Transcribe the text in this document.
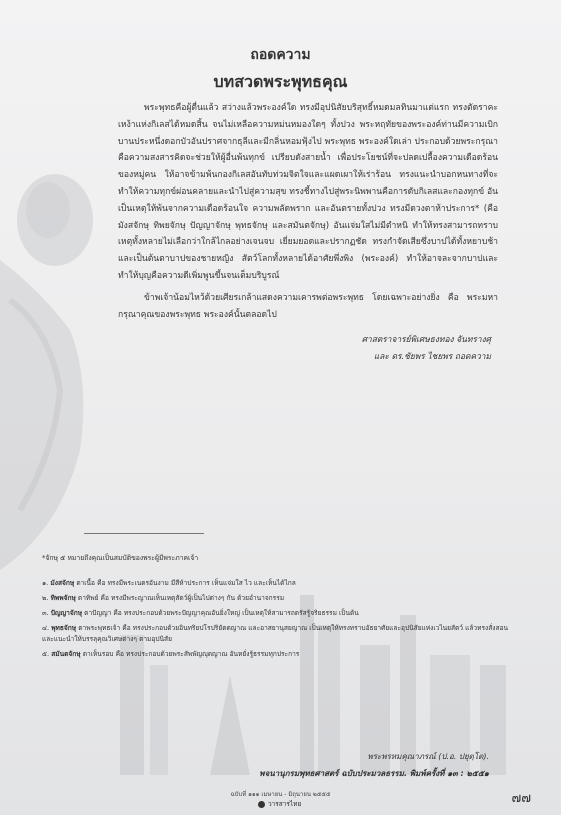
ถอดความ
บทสวดพระพุทธคุณ

พระพุทธคือผู้ตื่นแล้ว สว่างแล้วพระองค์ใด ทรงมีอุปนิสัยบริสุทธิ์หมดมลทินมาแต่แรก ทรงตัดราคะเหง้าแห่งกิเลสได้หมดสิ้น จนไม่เหลือความหม่นหมองใดๆ ทั้งปวง พระหฤทัยของพระองค์ท่านมีความเบิกบานประหนึ่งดอกบัวอันปราศจากธุลีและมีกลิ่นหอมฟุ้งไป พระพุทธ พระองค์ใดเล่า ประกอบด้วยพระกรุณาคือความสงสารคิดจะช่วยให้ผู้อื่นพ้นทุกข์ เปรียบดังสายน้ำ เพื่อประโยชน์ที่จะปลดเปลื้องความเดือดร้อนของหมู่คน ให้อาจข้ามพ้นกองกิเลสอันทับท่วมจิตใจและแผดเผาให้เร่าร้อน ทรงแนะนำบอกหนทางที่จะทำให้ความทุกข์ผ่อนคลายและนำไปสู่ความสุข ทรงชี้ทางไปสู่พระนิพพานคือการดับกิเลสและกองทุกข์ อันเป็นเหตุให้พ้นจากความเดือดร้อนใจ ความพลัดพราก และอันตรายทั้งปวง ทรงมีดวงตาห้าประการ* (คือ มังสจักษุ ทิพยจักษุ ปัญญาจักษุ พุทธจักษุ และสมันตจักษุ) อันแจ่มใสไม่มีตำหนิ ทำให้ทรงสามารถทราบเหตุทั้งหลายไม่เลือกว่าใกล้ไกลอย่างเจนจบ เยี่ยมยอดและปรากฏชัด ทรงกำจัดเสียซึ่งบาปได้ทั้งหยาบช้าและเป็นต้นตาบาปของชายหญิง สัตว์โลกทั้งหลายได้อาศัยพึ่งพิง (พระองค์) ทำให้อาจละจากบาปและทำให้บุญคือความดีเพิ่มพูนขึ้นจนเต็มบริบูรณ์

ข้าพเจ้าน้อมไหว้ด้วยเศียรเกล้าแสดงความเคารพต่อพระพุทธ โดยเฉพาะอย่างยิ่ง คือ พระมหากรุณาคุณของพระพุทธ พระองค์นั้นตลอดไป

ศาสตราจารย์พิเศษธงทอง จันทรางศุ
และ ดร.ชัยพร ไชยพร ถอดความ
*จักษุ ๕ หมายถึงคุณเป็นสมบัติของพระผู้มีพระภาคเจ้า
๑. มังสจักษุ ตาเนื้อ คือ ทรงมีพระเนตรอันงาม มีสีห้าประการ เห็นแจ่มใส ไว และเห็นได้ไกล
๒. ทิพพจักษุ ตาทิพย์ คือ ทรงมีพระญาณเห็นเหตุสัตว์ผู้เป็นไปต่างๆ กัน ด้วยอำนาจกรรม
๓. ปัญญาจักษุ ตาปัญญา คือ ทรงประกอบด้วยพระปัญญาคุณอันยิ่งใหญ่ เป็นเหตุให้สามารถตรัสรู้จริยธรรม เป็นต้น
๔. พุทธจักษุ ตาพระพุทธเจ้า คือ ทรงประกอบด้วยอินทริยปโรปริยัตตญาณ และอาสยานุสยญาณ เป็นเหตุให้ทรงทราบอัธยาศัยและอุปนิสัยแห่งเวไนยสัตว์ แล้วทรงสั่งสอนและแนะนำให้บรรลุคุณวิเศษต่างๆ ตามอุปนิสัย
๕. สมันตจักษุ ตาเห็นรอบ คือ ทรงประกอบด้วยพระสัพพัญญุตญาณ อันหยั่งรู้ธรรมทุกประการ
พระพรหมคุณาภรณ์ (ป.อ. ปยุตฺโต).
พจนานุกรมพุทธศาสตร์ ฉบับประมวลธรรม. พิมพ์ครั้งที่ ๑๓ : ๒๕๕๑
ฉบับที่ ๑๑๑ เมษายน - มิถุนายน ๒๕๕๕
วารสารไทย	๗๗
